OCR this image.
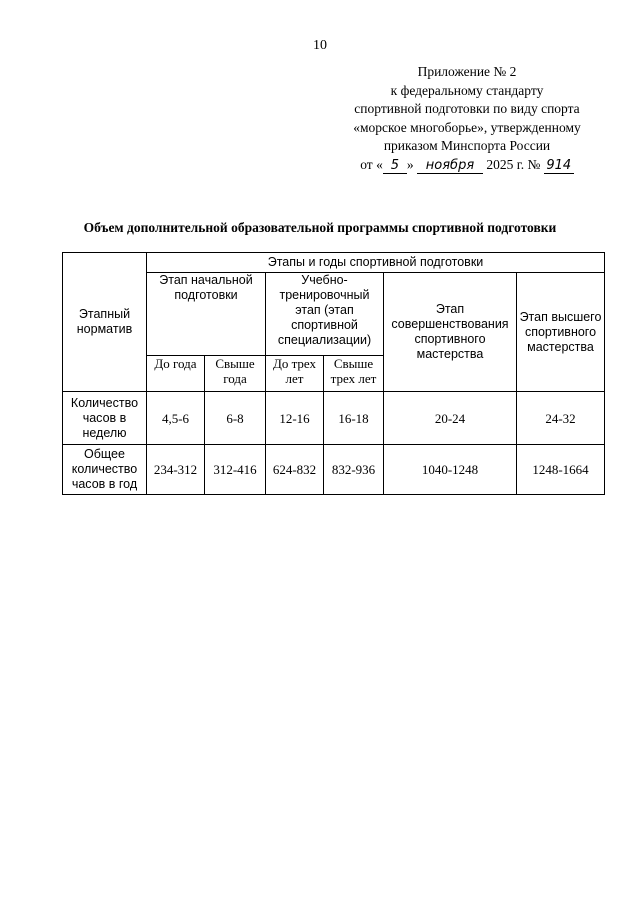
10
Приложение № 2
к федеральному стандарту
спортивной подготовки по виду спорта
«морское многоборье», утвержденному
приказом Минспорта России
от « 5 » ноября 2025 г. № 914
Объем дополнительной образовательной программы спортивной подготовки
Этапный норматив	Этапы и годы спортивной подготовки					
	Этап начальной подготовки		Учебно-тренировочный этап (этап спортивной специализации)		Этап совершенствования спортивного мастерства	Этап высшего спортивного мастерства
	До года	Свыше года	До трех лет	Свыше трех лет		
Количество часов в неделю	4,5-6	6-8	12-16	16-18	20-24	24-32
Общее количество часов в год	234-312	312-416	624-832	832-936	1040-1248	1248-1664
